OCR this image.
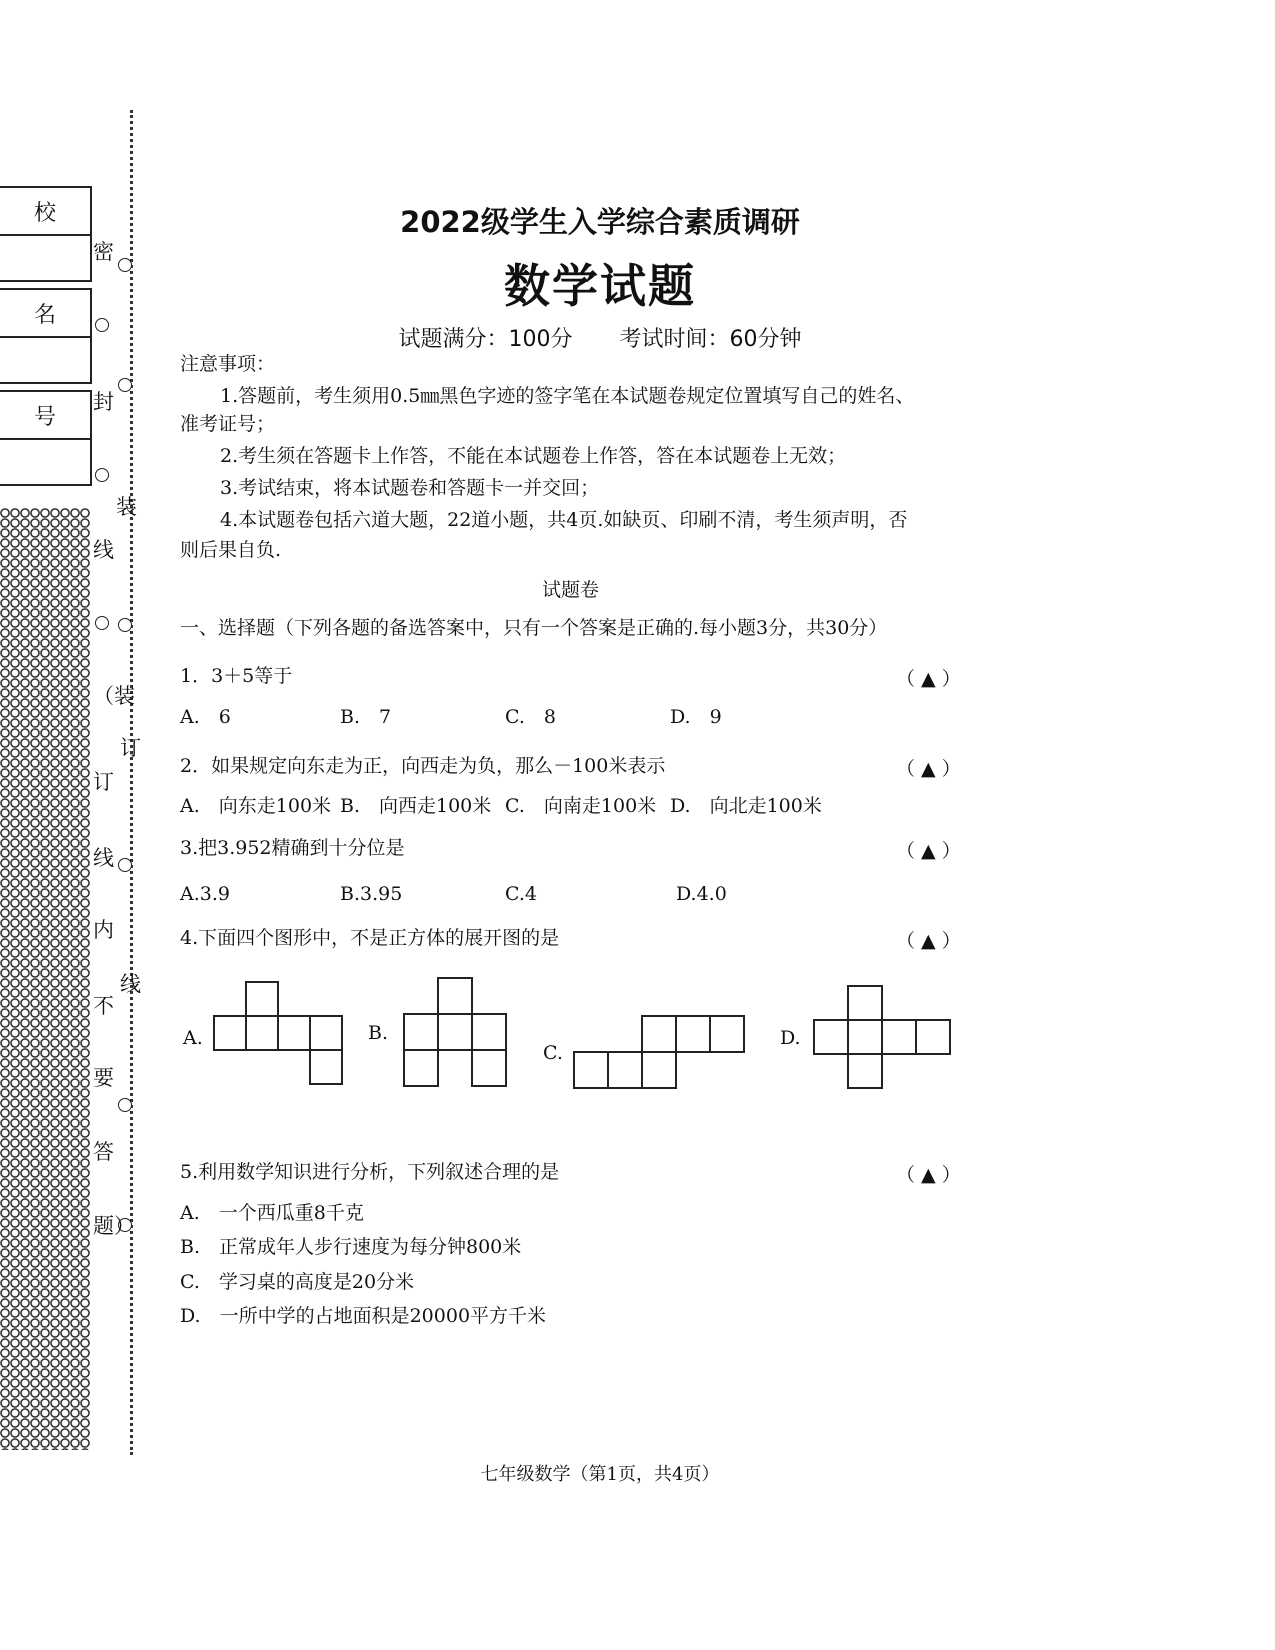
校
名
号
密
封
装
线
（装
订
订
线
内
线
不
要
答
题）
2022级学生入学综合素质调研
数学试题
试题满分：100分 考试时间：60分钟
注意事项：
1.答题前，考生须用0.5㎜黑色字迹的签字笔在本试题卷规定位置填写自己的姓名、
准考证号；
2.考生须在答题卡上作答，不能在本试题卷上作答，答在本试题卷上无效；
3.考试结束，将本试题卷和答题卡一并交回；
4.本试题卷包括六道大题，22道小题，共4页.如缺页、印刷不清，考生须声明，否
则后果自负.
试题卷
一、选择题（下列各题的备选答案中，只有一个答案是正确的.每小题3分，共30分）
1．3＋5等于	（ ▲ ）
A.　6	B.　7	C.　8	D.　9
2．如果规定向东走为正，向西走为负，那么－100米表示	（ ▲ ）
A.　向东走100米 B.　向西走100米 C.　向南走100米 D.　向北走100米
3.把3.952精确到十分位是	（ ▲ ）
A.3.9	B.3.95	C.4	D.4.0
4.下面四个图形中，不是正方体的展开图的是	（ ▲ ）
A.	B.
C.
D.
5.利用数学知识进行分析，下列叙述合理的是	（ ▲ ）
A.　一个西瓜重8千克
B.　正常成年人步行速度为每分钟800米
C.　学习桌的高度是20分米
D.　一所中学的占地面积是20000平方千米
七年级数学（第1页，共4页）
